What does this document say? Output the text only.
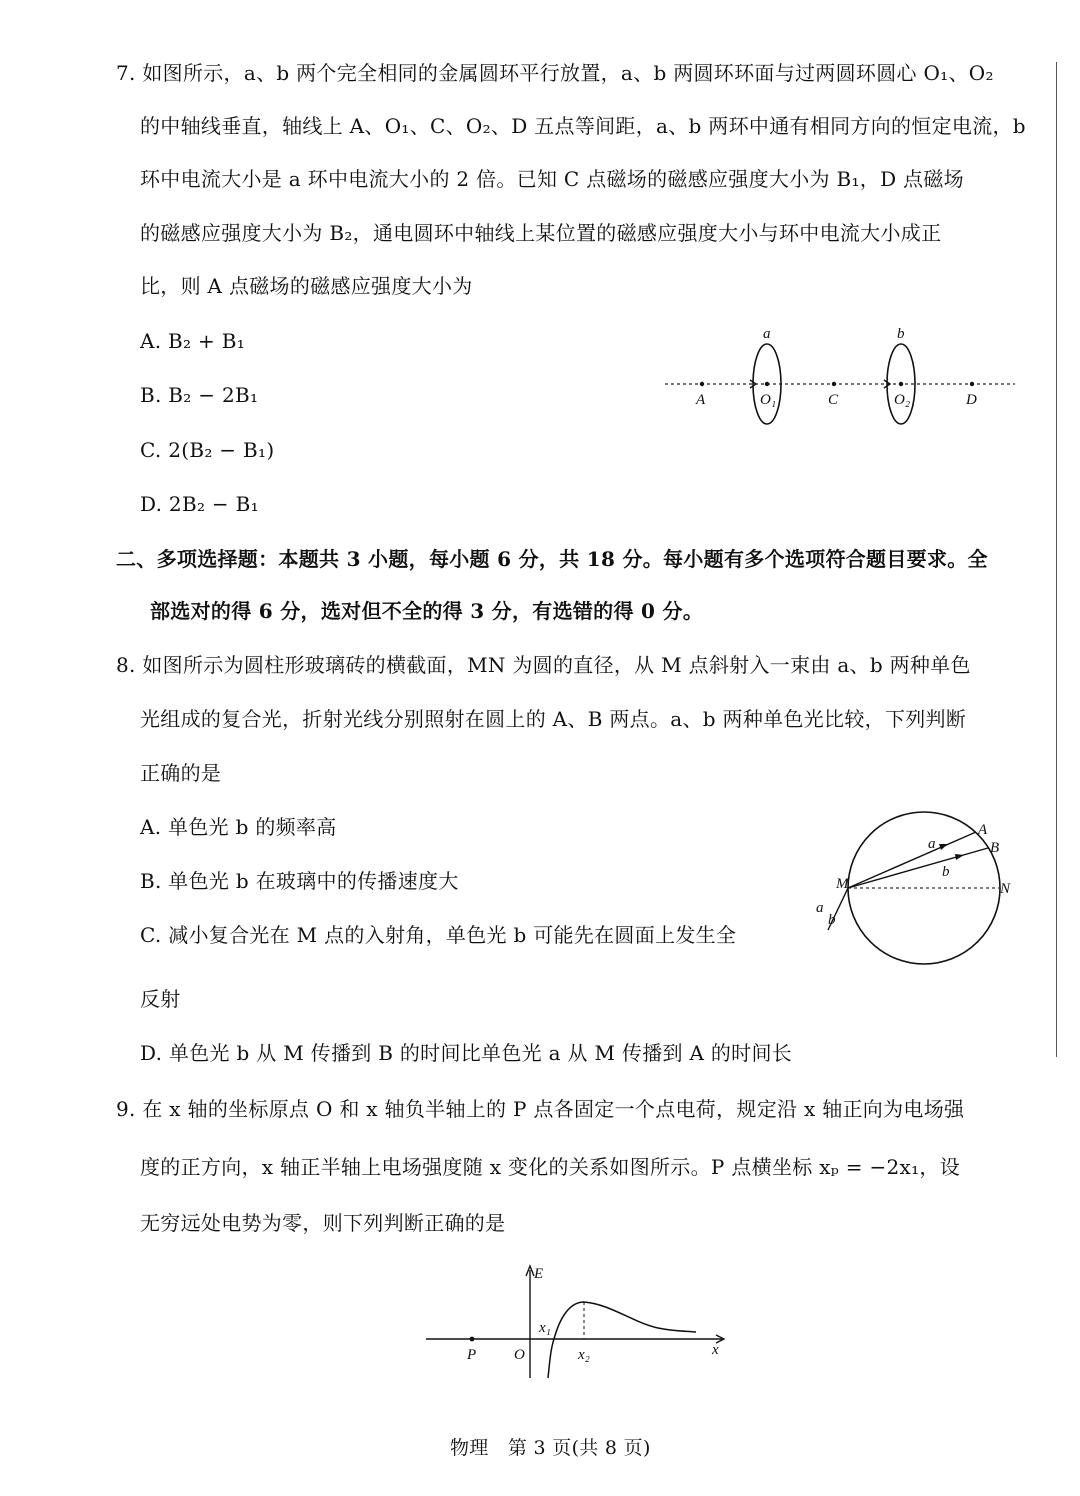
7. 如图所示，a、b 两个完全相同的金属圆环平行放置，a、b 两圆环环面与过两圆环圆心 O₁、O₂
的中轴线垂直，轴线上 A、O₁、C、O₂、D 五点等间距，a、b 两环中通有相同方向的恒定电流，b
环中电流大小是 a 环中电流大小的 2 倍。已知 C 点磁场的磁感应强度大小为 B₁，D 点磁场
的磁感应强度大小为 B₂，通电圆环中轴线上某位置的磁感应强度大小与环中电流大小成正
比，则 A 点磁场的磁感应强度大小为
A. B₂ + B₁
B. B₂ − 2B₁
C. 2(B₂ − B₁)
D. 2B₂ − B₁
a	b
A	O₁	C	O₂	D
二、多项选择题：本题共 3 小题，每小题 6 分，共 18 分。每小题有多个选项符合题目要求。全
部选对的得 6 分，选对但不全的得 3 分，有选错的得 0 分。
8. 如图所示为圆柱形玻璃砖的横截面，MN 为圆的直径，从 M 点斜射入一束由 a、b 两种单色
光组成的复合光，折射光线分别照射在圆上的 A、B 两点。a、b 两种单色光比较，下列判断
正确的是
A. 单色光 b 的频率高
B. 单色光 b 在玻璃中的传播速度大
C. 减小复合光在 M 点的入射角，单色光 b 可能先在圆面上发生全
反射
D. 单色光 b 从 M 传播到 B 的时间比单色光 a 从 M 传播到 A 的时间长
A
B
M	N
a
b
a
b
9. 在 x 轴的坐标原点 O 和 x 轴负半轴上的 P 点各固定一个点电荷，规定沿 x 轴正向为电场强
度的正方向，x 轴正半轴上电场强度随 x 变化的关系如图所示。P 点横坐标 xₚ = −2x₁，设
无穷远处电势为零，则下列判断正确的是
E
x
P	O
x₁
x₂
物理　第 3 页(共 8 页)
